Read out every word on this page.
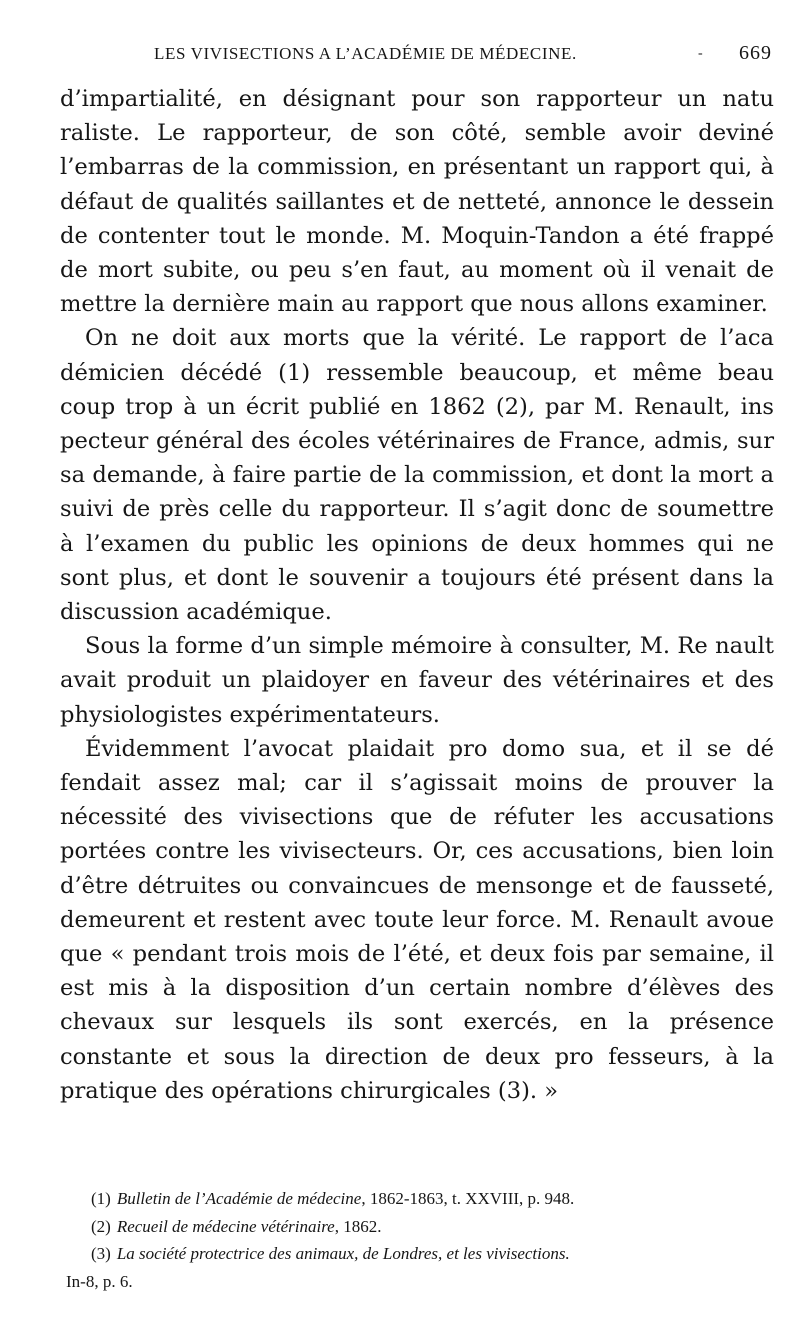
LES VIVISECTIONS A L’ACADÉMIE DE MÉDECINE.	- 669

d’impartialité, en désignant pour son rapporteur un natu raliste. Le rapporteur, de son côté, semble avoir deviné l’embarras de la commission, en présentant un rapport qui, à défaut de qualités saillantes et de netteté, annonce le dessein de contenter tout le monde. M. Moquin-Tandon a été frappé de mort subite, ou peu s’en faut, au moment où il venait de mettre la dernière main au rapport que nous allons examiner.

On ne doit aux morts que la vérité. Le rapport de l’aca démicien décédé (1) ressemble beaucoup, et même beau coup trop à un écrit publié en 1862 (2), par M. Renault, ins pecteur général des écoles vétérinaires de France, admis, sur sa demande, à faire partie de la commission, et dont la mort a suivi de près celle du rapporteur. Il s’agit donc de soumettre à l’examen du public les opinions de deux hommes qui ne sont plus, et dont le souvenir a toujours été présent dans la discussion académique.

Sous la forme d’un simple mémoire à consulter, M. Re nault avait produit un plaidoyer en faveur des vétérinaires et des physiologistes expérimentateurs.

Évidemment l’avocat plaidait pro domo sua, et il se dé fendait assez mal; car il s’agissait moins de prouver la nécessité des vivisections que de réfuter les accusations portées contre les vivisecteurs. Or, ces accusations, bien loin d’être détruites ou convaincues de mensonge et de fausseté, demeurent et restent avec toute leur force. M. Renault avoue que « pendant trois mois de l’été, et deux fois par semaine, il est mis à la disposition d’un certain nombre d’élèves des chevaux sur lesquels ils sont exercés, en la présence constante et sous la direction de deux pro fesseurs, à la pratique des opérations chirurgicales (3). »

(1) Bulletin de l’Académie de médecine, 1862-1863, t. XXVIII, p. 948.

(2) Recueil de médecine vétérinaire, 1862.

(3) La société protectrice des animaux, de Londres, et les vivisections.

In-8, p. 6.
